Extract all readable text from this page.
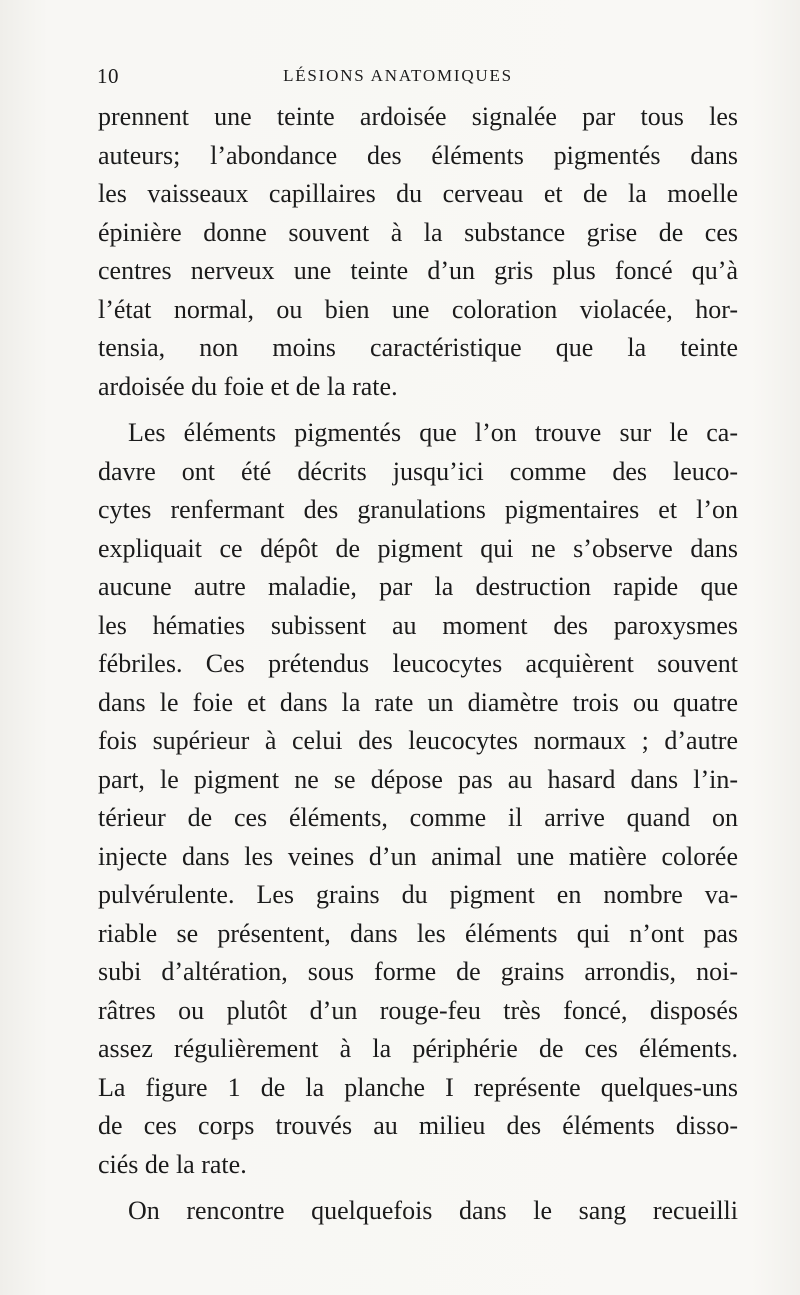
10	LÉSIONS ANATOMIQUES
prennent une teinte ardoisée signalée par tous les
auteurs; l’abondance des éléments pigmentés dans
les vaisseaux capillaires du cerveau et de la moelle
épinière donne souvent à la substance grise de ces
centres nerveux une teinte d’un gris plus foncé qu’à
l’état normal, ou bien une coloration violacée, hor-
tensia, non moins caractéristique que la teinte
ardoisée du foie et de la rate.
Les éléments pigmentés que l’on trouve sur le ca-
davre ont été décrits jusqu’ici comme des leuco-
cytes renfermant des granulations pigmentaires et l’on
expliquait ce dépôt de pigment qui ne s’observe dans
aucune autre maladie, par la destruction rapide que
les hématies subissent au moment des paroxysmes
fébriles. Ces prétendus leucocytes acquièrent souvent
dans le foie et dans la rate un diamètre trois ou quatre
fois supérieur à celui des leucocytes normaux ; d’autre
part, le pigment ne se dépose pas au hasard dans l’in-
térieur de ces éléments, comme il arrive quand on
injecte dans les veines d’un animal une matière colorée
pulvérulente. Les grains du pigment en nombre va-
riable se présentent, dans les éléments qui n’ont pas
subi d’altération, sous forme de grains arrondis, noi-
râtres ou plutôt d’un rouge-feu très foncé, disposés
assez régulièrement à la périphérie de ces éléments.
La figure 1 de la planche I représente quelques-uns
de ces corps trouvés au milieu des éléments disso-
ciés de la rate.
On rencontre quelquefois dans le sang recueilli
